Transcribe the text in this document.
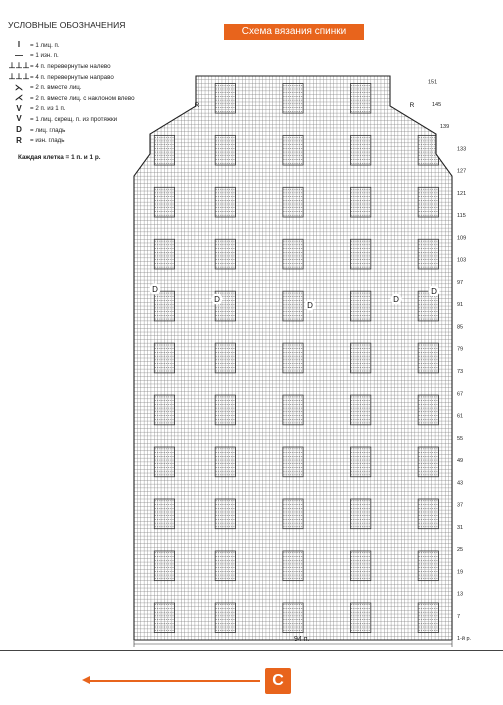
УСЛОВНЫЕ ОБОЗНАЧЕНИЯ
I	= 1 лиц. п.
—	= 1 изн. п.
⊥⊥⊥ = 4 п. перевернутые налево
⊥⊥⊥ = 4 п. перевернутые направо
⋋	= 2 п. вместе лиц.
⋌	= 2 п. вместе лиц. с наклоном влево
V	= 2 п. из 1 п.
V	= 1 лиц. скрещ. п. из протяжки
D	= лиц. гладь
R	= изн. гладь
Каждая клетка = 1 п. и 1 р.
Схема вязания спинки
151
145
139
133
127
121
115
109
103
97
91
85
79
73
67
61
55
49
43
37
31
25
19
13
7
1-й р.
D
D
D
D
D
R	R
94 п.
C
